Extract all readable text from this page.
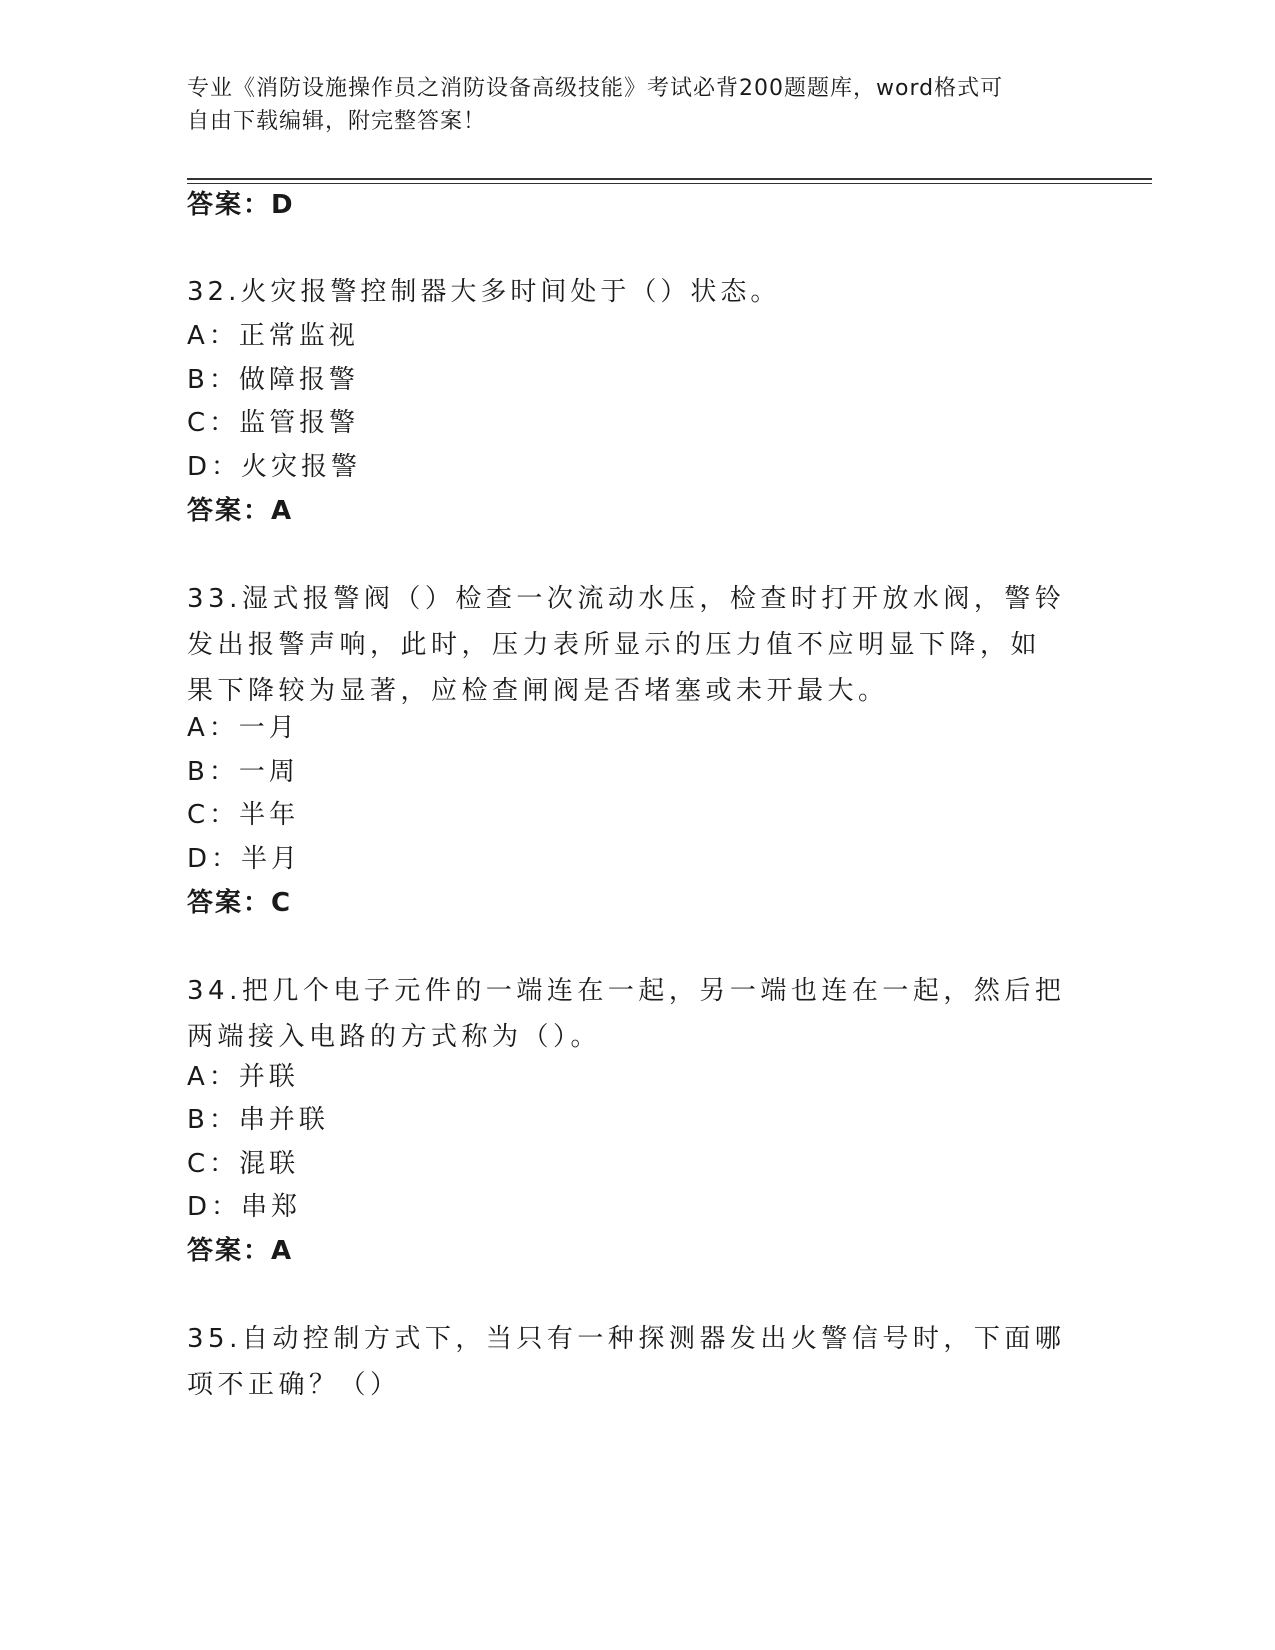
专业《消防设施操作员之消防设备高级技能》考试必背200题题库，word格式可
自由下载编辑，附完整答案！
答案：D
32.火灾报警控制器大多时间处于（）状态。
A：正常监视
B：做障报警
C：监管报警
D：火灾报警
答案：A
33.湿式报警阀（）检查一次流动水压，检查时打开放水阀，警铃发出报警声响，此时，压力表所显示的压力值不应明显下降，如果下降较为显著，应检查闸阀是否堵塞或未开最大。
A：一月
B：一周
C：半年
D：半月
答案：C
34.把几个电子元件的一端连在一起，另一端也连在一起，然后把两端接入电路的方式称为（）。
A：并联
B：串并联
C：混联
D：串郑
答案：A
35.自动控制方式下，当只有一种探测器发出火警信号时，下面哪项不正确？（）
